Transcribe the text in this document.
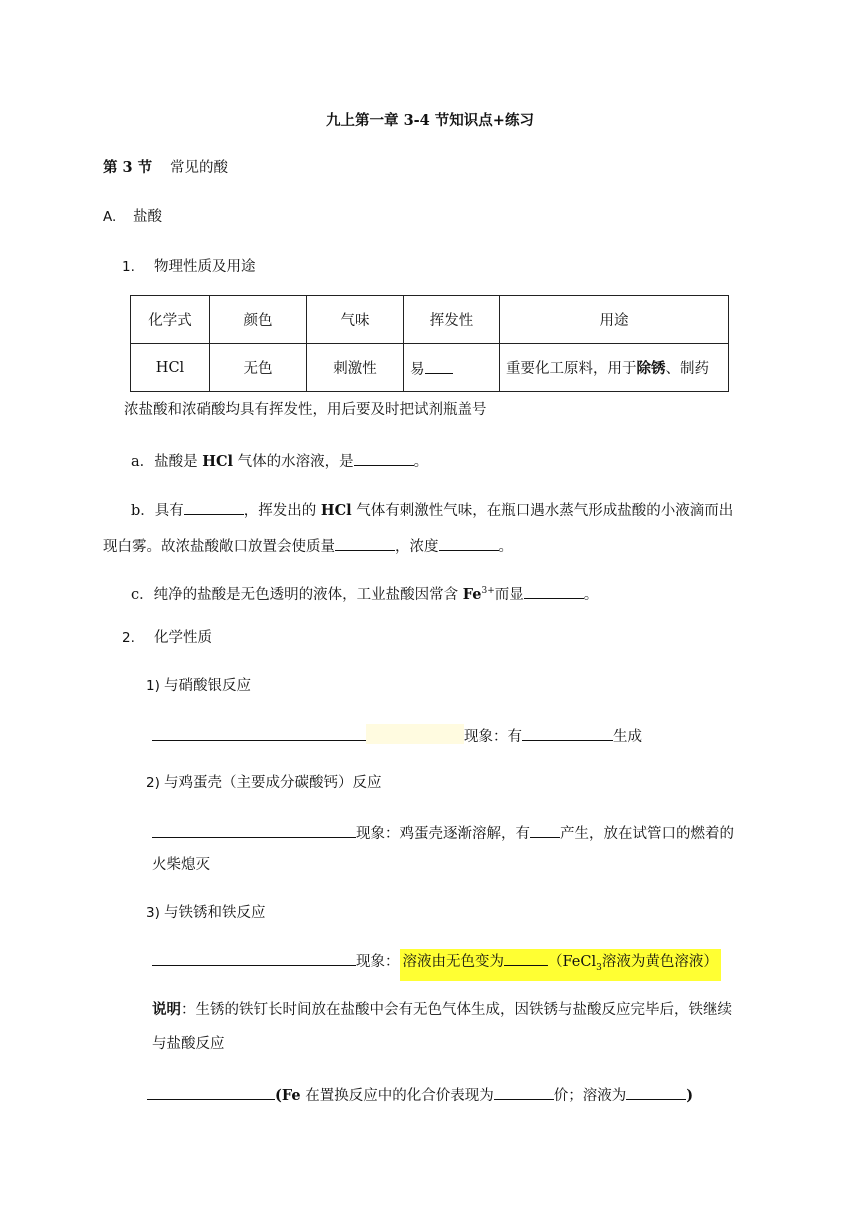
九上第一章 3-4 节知识点+练习
第 3 节 常见的酸
A. 盐酸
1. 物理性质及用途
化学式	颜色	气味	挥发性	用途
HCl	无色	刺激性	易	重要化工原料，用于除锈、制药
浓盐酸和浓硝酸均具有挥发性，用后要及时把试剂瓶盖号
a．盐酸是 HCl 气体的水溶液，是	。
b．具有	，挥发出的 HCl 气体有刺激性气味，在瓶口遇水蒸气形成盐酸的小液滴而出
现白雾。故浓盐酸敞口放置会使质量	，浓度	。
c．纯净的盐酸是无色透明的液体，工业盐酸因常含 $Fe^{3+}$而显	。
2. 化学性质
1) 与硝酸银反应
现象：有	生成
2) 与鸡蛋壳（主要成分碳酸钙）反应
现象：鸡蛋壳逐渐溶解，有 产生，放在试管口的燃着的
火柴熄灭
3) 与铁锈和铁反应
现象： 溶液由无色变为	（FeCl$_3$溶液为黄色溶液）
说明：生锈的铁钉长时间放在盐酸中会有无色气体生成，因铁锈与盐酸反应完毕后，铁继续
与盐酸反应
(Fe 在置换反应中的化合价表现为	价；溶液为	)
